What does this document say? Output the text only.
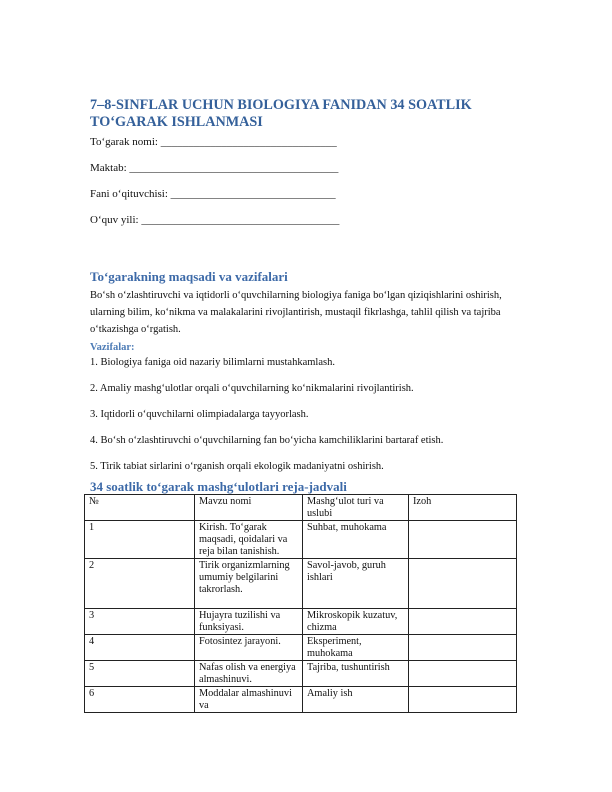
7–8-SINFLAR UCHUN BIOLOGIYA FANIDAN 34 SOATLIK
TO‘GARAK ISHLANMASI
To‘garak nomi: ________________________________
Maktab: ______________________________________
Fani o‘qituvchisi: ______________________________
O‘quv yili: ____________________________________
To‘garakning maqsadi va vazifalari

Bo‘sh o‘zlashtiruvchi va iqtidorli o‘quvchilarning biologiya faniga bo‘lgan qiziqishlarini oshirish,
ularning bilim, ko‘nikma va malakalarini rivojlantirish, mustaqil fikrlashga, tahlil qilish va tajriba
o‘tkazishga o‘rgatish.

Vazifalar:

1. Biologiya faniga oid nazariy bilimlarni mustahkamlash.

2. Amaliy mashg‘ulotlar orqali o‘quvchilarning ko‘nikmalarini rivojlantirish.

3. Iqtidorli o‘quvchilarni olimpiadalarga tayyorlash.

4. Bo‘sh o‘zlashtiruvchi o‘quvchilarning fan bo‘yicha kamchiliklarini bartaraf etish.

5. Tirik tabiat sirlarini o‘rganish orqali ekologik madaniyatni oshirish.

34 soatlik to‘garak mashg‘ulotlari reja-jadvali
№	Mavzu nomi	Mashg‘ulot turi va uslubi	Izoh
1	Kirish. To‘garak maqsadi, qoidalari va reja bilan tanishish.	Suhbat, muhokama	
2	Tirik organizmlarning umumiy belgilarini takrorlash.	Savol-javob, guruh ishlari	
3	Hujayra tuzilishi va funksiyasi.	Mikroskopik kuzatuv, chizma	
4	Fotosintez jarayoni.	Eksperiment, muhokama	
5	Nafas olish va energiya almashinuvi.	Tajriba, tushuntirish	
6	Moddalar almashinuvi va	Amaliy ish	
